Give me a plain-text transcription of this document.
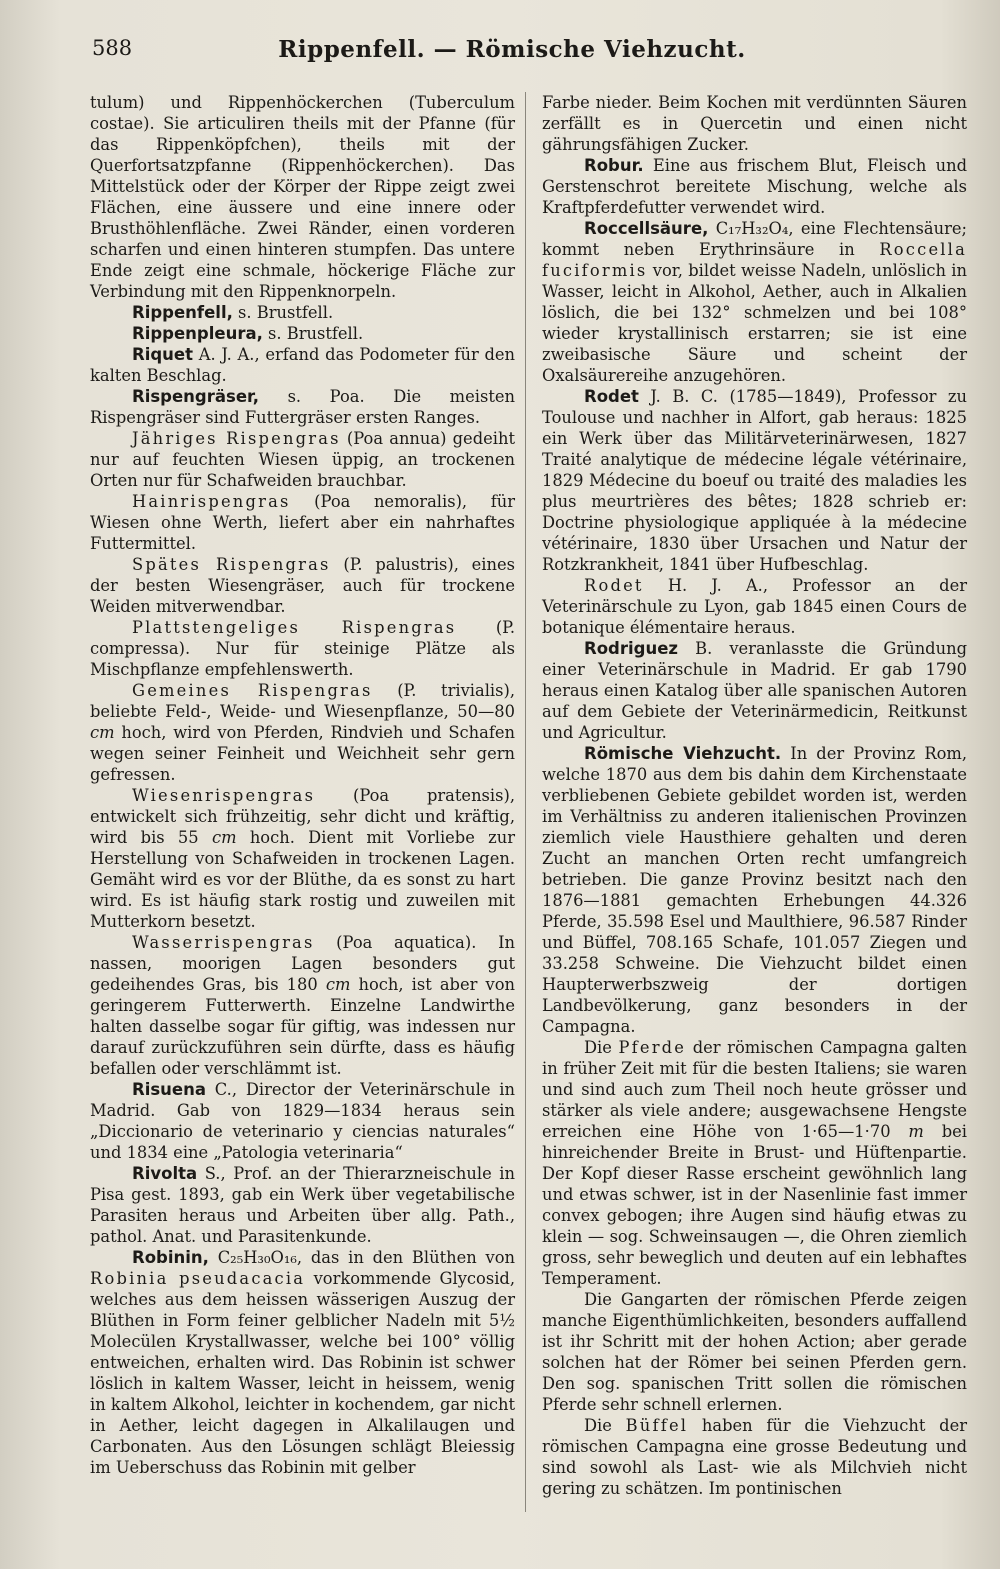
588	Rippenfell. — Römische Viehzucht.

tulum) und Rippenhöckerchen (Tuberculum costae). Sie articuliren theils mit der Pfanne (für das Rippenköpfchen), theils mit der Querfortsatzpfanne (Rippenhöckerchen). Das Mittelstück oder der Körper der Rippe zeigt zwei Flächen, eine äussere und eine innere oder Brusthöhlenfläche. Zwei Ränder, einen vorderen scharfen und einen hinteren stumpfen. Das untere Ende zeigt eine schmale, höckerige Fläche zur Verbindung mit den Rippenknorpeln.

Rippenfell, s. Brustfell.

Rippenpleura, s. Brustfell.

Riquet A. J. A., erfand das Podometer für den kalten Beschlag.

Rispengräser, s. Poa. Die meisten Rispengräser sind Futtergräser ersten Ranges.

Jähriges Rispengras (Poa annua) gedeiht nur auf feuchten Wiesen üppig, an trockenen Orten nur für Schafweiden brauchbar.

Hainrispengras (Poa nemoralis), für Wiesen ohne Werth, liefert aber ein nahrhaftes Futtermittel.

Spätes Rispengras (P. palustris), eines der besten Wiesengräser, auch für trockene Weiden mitverwendbar.

Plattstengeliges Rispengras (P. compressa). Nur für steinige Plätze als Mischpflanze empfehlenswerth.

Gemeines Rispengras (P. trivialis), beliebte Feld-, Weide- und Wiesenpflanze, 50—80 cm hoch, wird von Pferden, Rindvieh und Schafen wegen seiner Feinheit und Weichheit sehr gern gefressen.

Wiesenrispengras (Poa pratensis), entwickelt sich frühzeitig, sehr dicht und kräftig, wird bis 55 cm hoch. Dient mit Vorliebe zur Herstellung von Schafweiden in trockenen Lagen. Gemäht wird es vor der Blüthe, da es sonst zu hart wird. Es ist häufig stark rostig und zuweilen mit Mutterkorn besetzt.

Wasserrispengras (Poa aquatica). In nassen, moorigen Lagen besonders gut gedeihendes Gras, bis 180 cm hoch, ist aber von geringerem Futterwerth. Einzelne Landwirthe halten dasselbe sogar für giftig, was indessen nur darauf zurückzuführen sein dürfte, dass es häufig befallen oder verschlämmt ist.

Risuena C., Director der Veterinärschule in Madrid. Gab von 1829—1834 heraus sein „Diccionario de veterinario y ciencias naturales“ und 1834 eine „Patologia veterinaria“

Rivolta S., Prof. an der Thierarzneischule in Pisa gest. 1893, gab ein Werk über vegetabilische Parasiten heraus und Arbeiten über allg. Path., pathol. Anat. und Parasitenkunde.

Robinin, C₂₅H₃₀O₁₆, das in den Blüthen von Robinia pseudacacia vorkommende Glycosid, welches aus dem heissen wässerigen Auszug der Blüthen in Form feiner gelblicher Nadeln mit 5½ Molecülen Krystallwasser, welche bei 100° völlig entweichen, erhalten wird. Das Robinin ist schwer löslich in kaltem Wasser, leicht in heissem, wenig in kaltem Alkohol, leichter in kochendem, gar nicht in Aether, leicht dagegen in Alkalilaugen und Carbonaten. Aus den Lösungen schlägt Bleiessig im Ueberschuss das Robinin mit gelber

Farbe nieder. Beim Kochen mit verdünnten Säuren zerfällt es in Quercetin und einen nicht gährungsfähigen Zucker.

Robur. Eine aus frischem Blut, Fleisch und Gerstenschrot bereitete Mischung, welche als Kraftpferdefutter verwendet wird.

Roccellsäure, C₁₇H₃₂O₄, eine Flechtensäure; kommt neben Erythrinsäure in Roccella fuciformis vor, bildet weisse Nadeln, unlöslich in Wasser, leicht in Alkohol, Aether, auch in Alkalien löslich, die bei 132° schmelzen und bei 108° wieder krystallinisch erstarren; sie ist eine zweibasische Säure und scheint der Oxalsäurereihe anzugehören.

Rodet J. B. C. (1785—1849), Professor zu Toulouse und nachher in Alfort, gab heraus: 1825 ein Werk über das Militärveterinärwesen, 1827 Traité analytique de médecine légale vétérinaire, 1829 Médecine du boeuf ou traité des maladies les plus meurtrières des bêtes; 1828 schrieb er: Doctrine physiologique appliquée à la médecine vétérinaire, 1830 über Ursachen und Natur der Rotzkrankheit, 1841 über Hufbeschlag.

Rodet H. J. A., Professor an der Veterinärschule zu Lyon, gab 1845 einen Cours de botanique élémentaire heraus.

Rodriguez B. veranlasste die Gründung einer Veterinärschule in Madrid. Er gab 1790 heraus einen Katalog über alle spanischen Autoren auf dem Gebiete der Veterinärmedicin, Reitkunst und Agricultur.

Römische Viehzucht. In der Provinz Rom, welche 1870 aus dem bis dahin dem Kirchenstaate verbliebenen Gebiete gebildet worden ist, werden im Verhältniss zu anderen italienischen Provinzen ziemlich viele Hausthiere gehalten und deren Zucht an manchen Orten recht umfangreich betrieben. Die ganze Provinz besitzt nach den 1876—1881 gemachten Erhebungen 44.326 Pferde, 35.598 Esel und Maulthiere, 96.587 Rinder und Büffel, 708.165 Schafe, 101.057 Ziegen und 33.258 Schweine. Die Viehzucht bildet einen Haupterwerbszweig der dortigen Landbevölkerung, ganz besonders in der Campagna.

Die Pferde der römischen Campagna galten in früher Zeit mit für die besten Italiens; sie waren und sind auch zum Theil noch heute grösser und stärker als viele andere; ausgewachsene Hengste erreichen eine Höhe von 1·65—1·70 m bei hinreichender Breite in Brust- und Hüftenpartie. Der Kopf dieser Rasse erscheint gewöhnlich lang und etwas schwer, ist in der Nasenlinie fast immer convex gebogen; ihre Augen sind häufig etwas zu klein — sog. Schweinsaugen —, die Ohren ziemlich gross, sehr beweglich und deuten auf ein lebhaftes Temperament.

Die Gangarten der römischen Pferde zeigen manche Eigenthümlichkeiten, besonders auffallend ist ihr Schritt mit der hohen Action; aber gerade solchen hat der Römer bei seinen Pferden gern. Den sog. spanischen Tritt sollen die römischen Pferde sehr schnell erlernen.

Die Büffel haben für die Viehzucht der römischen Campagna eine grosse Bedeutung und sind sowohl als Last- wie als Milchvieh nicht gering zu schätzen. Im pontinischen
